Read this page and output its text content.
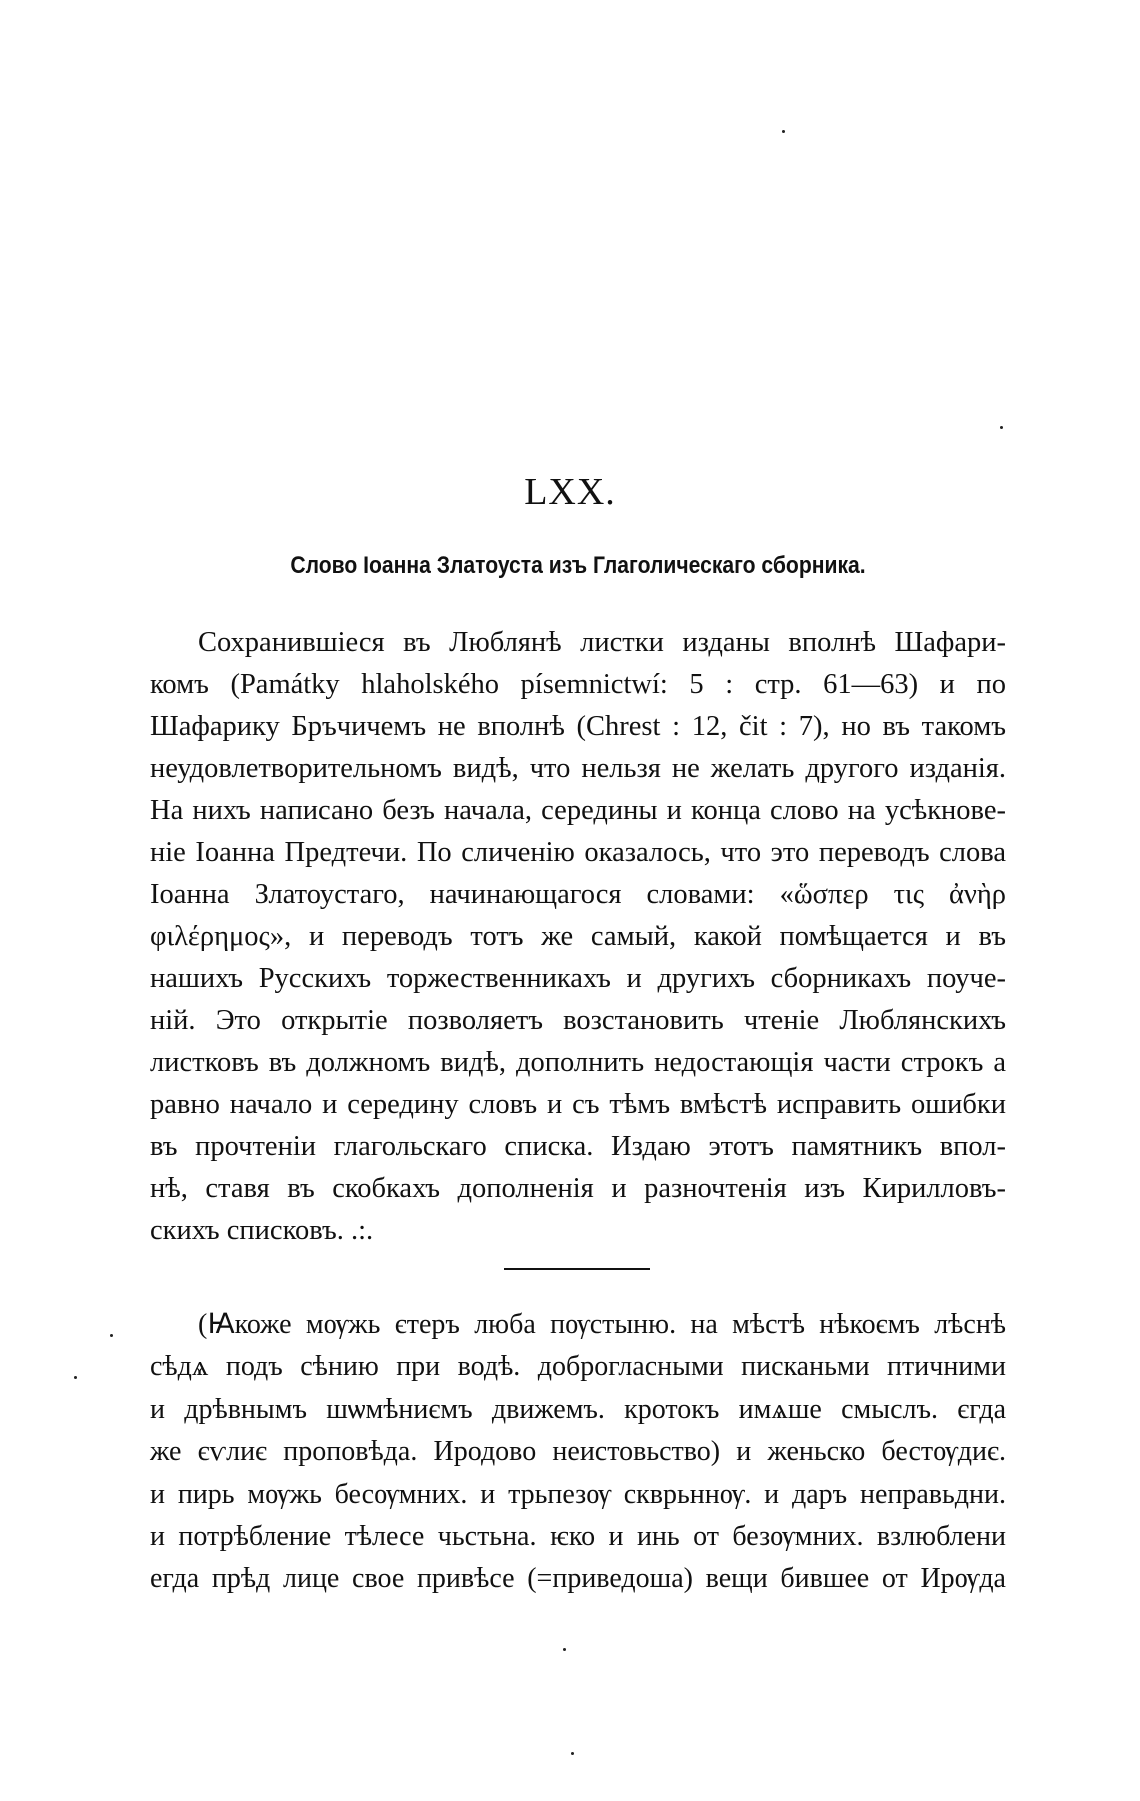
LXX.
Слово Іоанна Златоуста изъ Глаголическаго сборника.
Сохранившіеся въ Люблянѣ листки изданы вполнѣ Шафари-
комъ (Památky hlaholského písemnictwí: 5 : стр. 61—63) и по
Шафарику Бръчичемъ не вполнѣ (Chrest : 12, čit : 7), но въ такомъ
неудовлетворительномъ видѣ, что нельзя не желать другого изданія.
На нихъ написано безъ начала, середины и конца слово на усѣкнове-
ніе Іоанна Предтечи. По сличенію оказалось, что это переводъ слова
Іоанна Златоустаго, начинающагося словами: «ὥσπερ τις ἀνὴρ
φιλέρημος», и переводъ тотъ же самый, какой помѣщается и въ
нашихъ Русскихъ торжественникахъ и другихъ сборникахъ поуче-
ній. Это открытіе позволяетъ возстановить чтеніе Люблянскихъ
листковъ въ должномъ видѣ, дополнить недостающія части строкъ а
равно начало и середину словъ и съ тѣмъ вмѣстѣ исправить ошибки
въ прочтеніи глагольскаго списка. Издаю этотъ памятникъ впол-
нѣ, ставя въ скобкахъ дополненія и разночтенія изъ Кирилловъ-
скихъ списковъ. .:.
(Ꙗкоже мѹжь єтеръ люба пѹстыню. на мѣстѣ нѣкоємъ лѣснѣ
сѣдѧ подъ сѣнию при водѣ. доброгласными писканьми птичними
и дрѣвнымъ шѡмѣниємъ движемъ. кротокъ имѧше смыслъ. єгда
же єѵлиє проповѣда. Иродово неистовьство) и женьско бестѹдиє.
и пирь мѹжь бесѹмних. и трьпезѹ скврьннѹ. и даръ неправьдни.
и потрѣбление тѣлесе чьстьна. ѥко и инь от безѹмних. взлюблени
егда прѣд лице свое привѣсе (=приведоша) вещи бившее от Ирѹда
